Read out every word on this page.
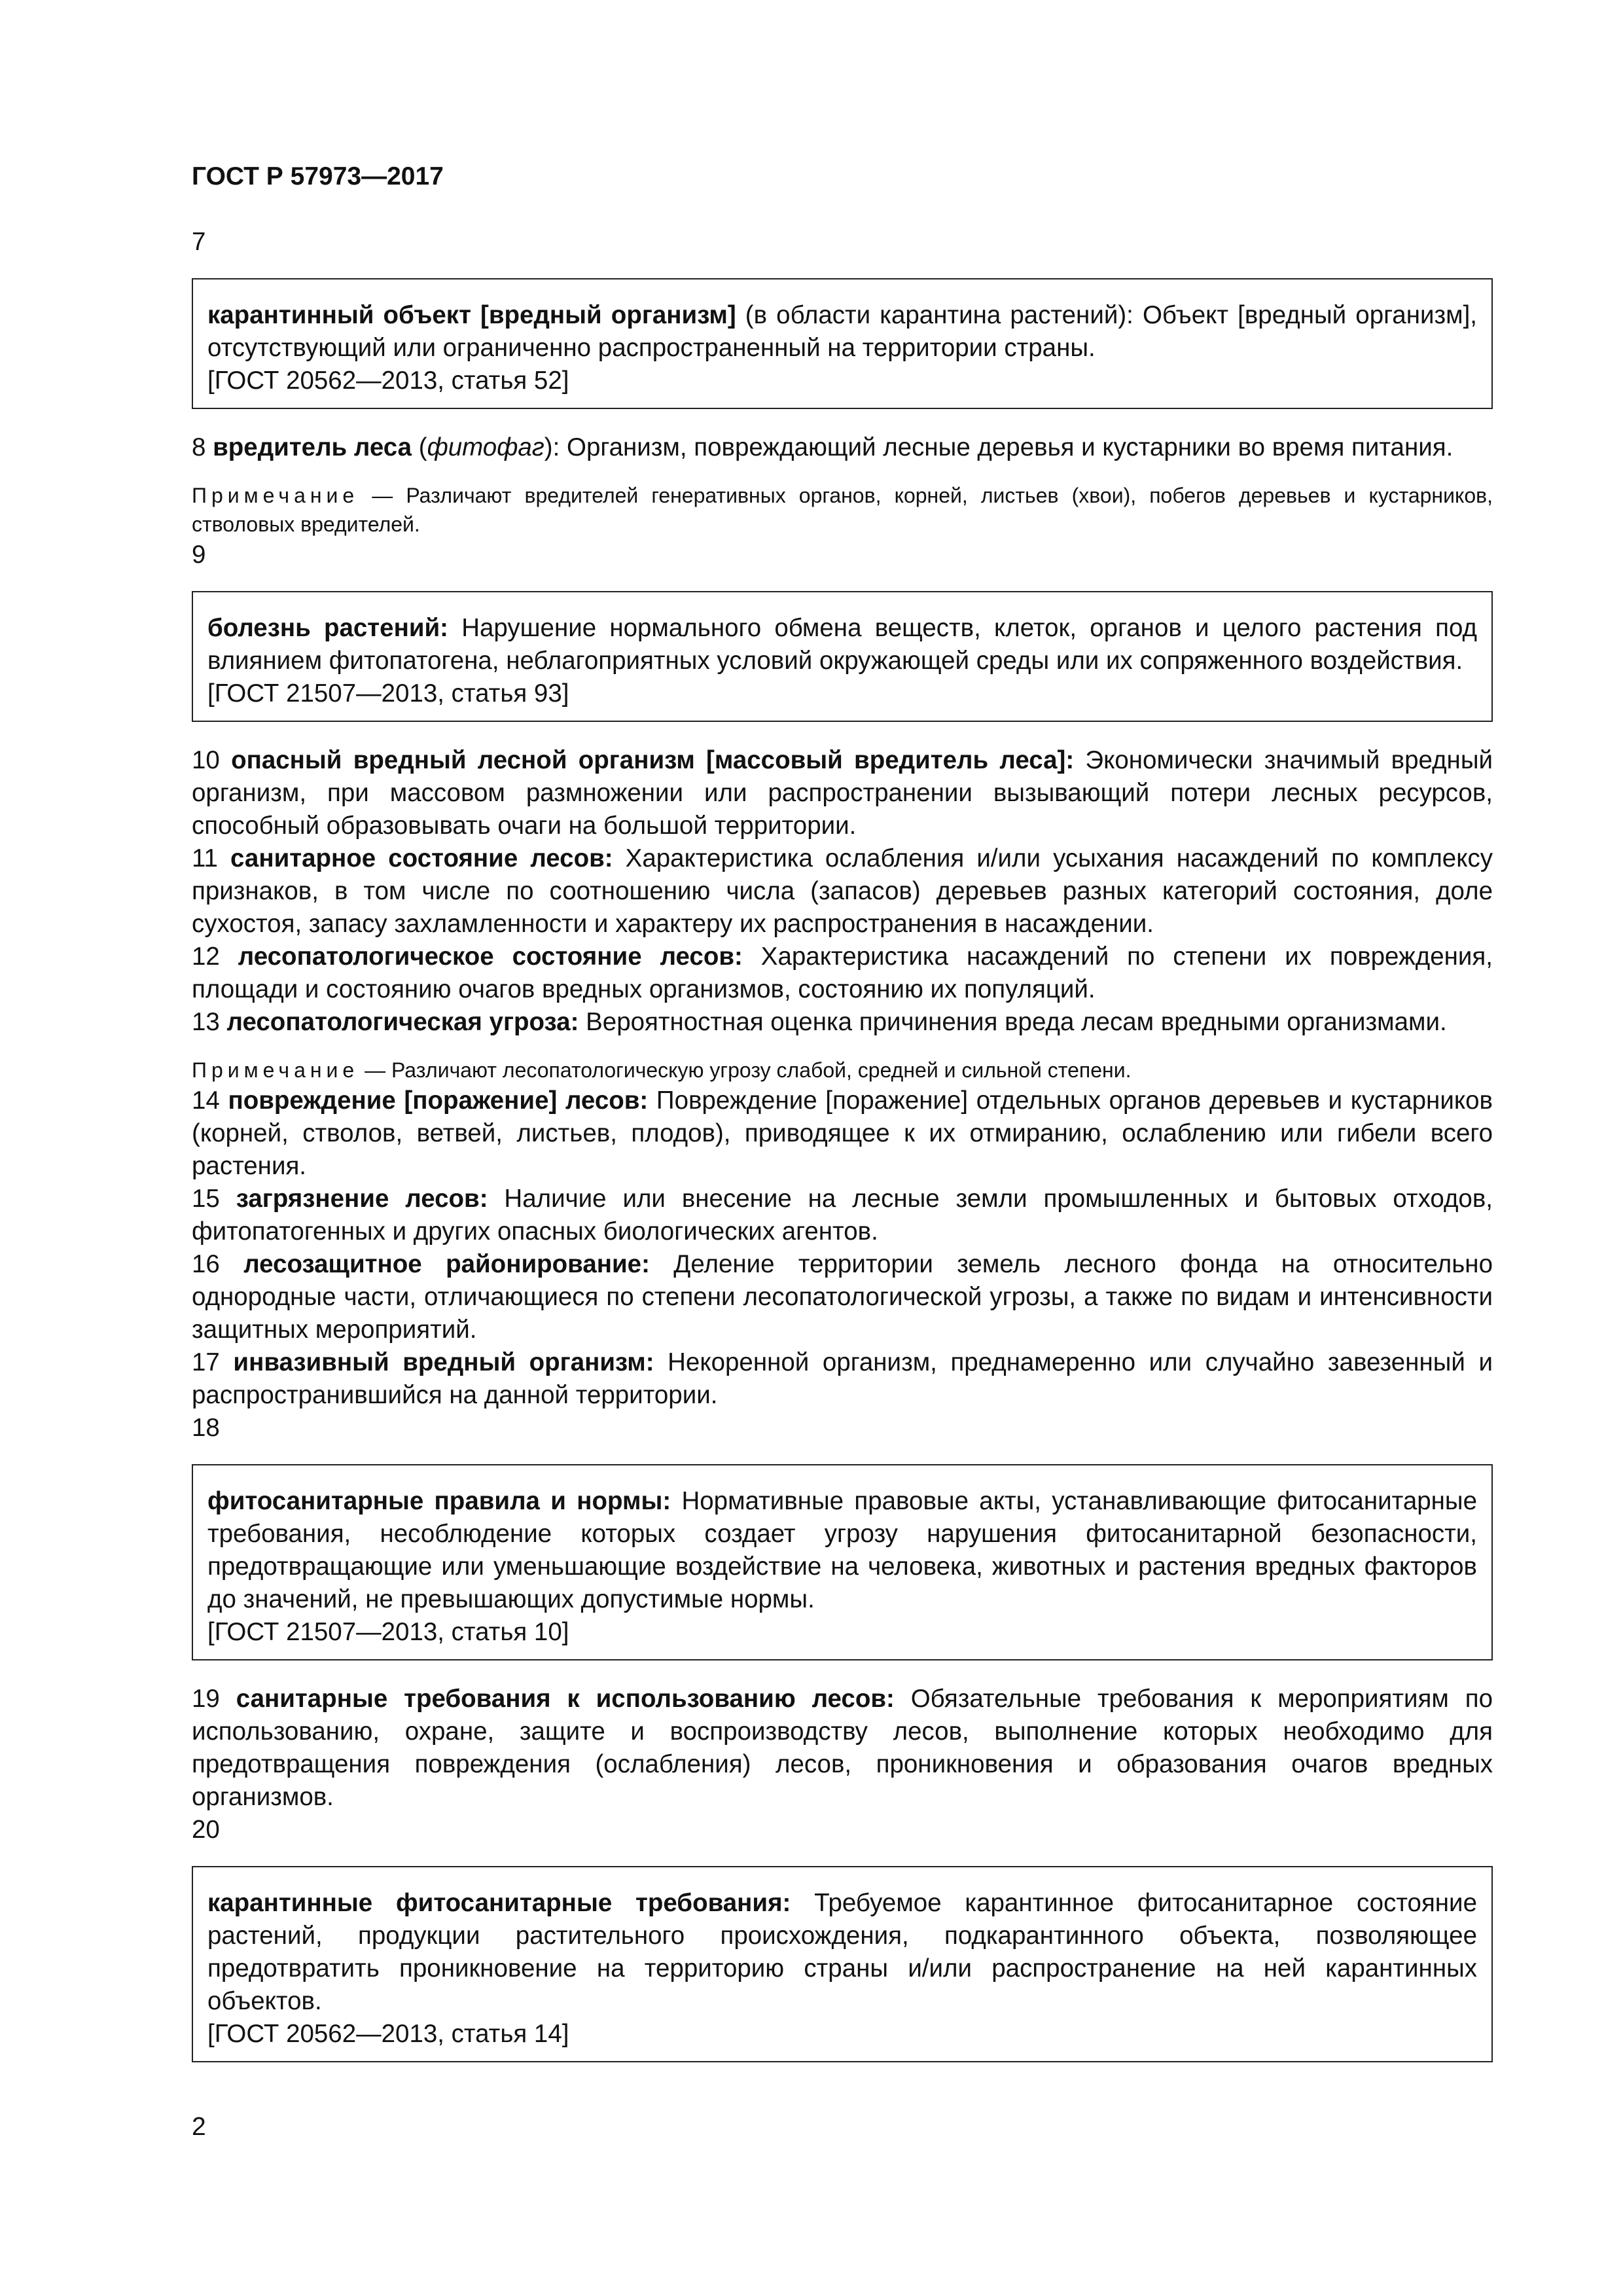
ГОСТ Р 57973—2017
7

карантинный объект [вредный организм] (в области карантина растений): Объект [вредный организм], отсутствующий или ограниченно распространенный на территории страны.

[ГОСТ 20562—2013, статья 52]

8 вредитель леса (фитофаг): Организм, повреждающий лесные деревья и кустарники во время питания.

Примечание — Различают вредителей генеративных органов, корней, листьев (хвои), побегов деревьев и кустарников, стволовых вредителей.

9

болезнь растений: Нарушение нормального обмена веществ, клеток, органов и целого растения под влиянием фитопатогена, неблагоприятных условий окружающей среды или их сопряженного воздействия.

[ГОСТ 21507—2013, статья 93]

10 опасный вредный лесной организм [массовый вредитель леса]: Экономически значимый вредный организм, при массовом размножении или распространении вызывающий потери лесных ресурсов, способный образовывать очаги на большой территории.

11 санитарное состояние лесов: Характеристика ослабления и/или усыхания насаждений по комплексу признаков, в том числе по соотношению числа (запасов) деревьев разных категорий состояния, доле сухостоя, запасу захламленности и характеру их распространения в насаждении.

12 лесопатологическое состояние лесов: Характеристика насаждений по степени их повреждения, площади и состоянию очагов вредных организмов, состоянию их популяций.

13 лесопатологическая угроза: Вероятностная оценка причинения вреда лесам вредными организмами.

Примечание — Различают лесопатологическую угрозу слабой, средней и сильной степени.

14 повреждение [поражение] лесов: Повреждение [поражение] отдельных органов деревьев и кустарников (корней, стволов, ветвей, листьев, плодов), приводящее к их отмиранию, ослаблению или гибели всего растения.

15 загрязнение лесов: Наличие или внесение на лесные земли промышленных и бытовых отходов, фитопатогенных и других опасных биологических агентов.

16 лесозащитное районирование: Деление территории земель лесного фонда на относительно однородные части, отличающиеся по степени лесопатологической угрозы, а также по видам и интенсивности защитных мероприятий.

17 инвазивный вредный организм: Некоренной организм, преднамеренно или случайно завезенный и распространившийся на данной территории.

18

фитосанитарные правила и нормы: Нормативные правовые акты, устанавливающие фитосанитарные требования, несоблюдение которых создает угрозу нарушения фитосанитарной безопасности, предотвращающие или уменьшающие воздействие на человека, животных и растения вредных факторов до значений, не превышающих допустимые нормы.

[ГОСТ 21507—2013, статья 10]

19 санитарные требования к использованию лесов: Обязательные требования к мероприятиям по использованию, охране, защите и воспроизводству лесов, выполнение которых необходимо для предотвращения повреждения (ослабления) лесов, проникновения и образования очагов вредных организмов.

20

карантинные фитосанитарные требования: Требуемое карантинное фитосанитарное состояние растений, продукции растительного происхождения, подкарантинного объекта, позволяющее предотвратить проникновение на территорию страны и/или распространение на ней карантинных объектов.

[ГОСТ 20562—2013, статья 14]

2
